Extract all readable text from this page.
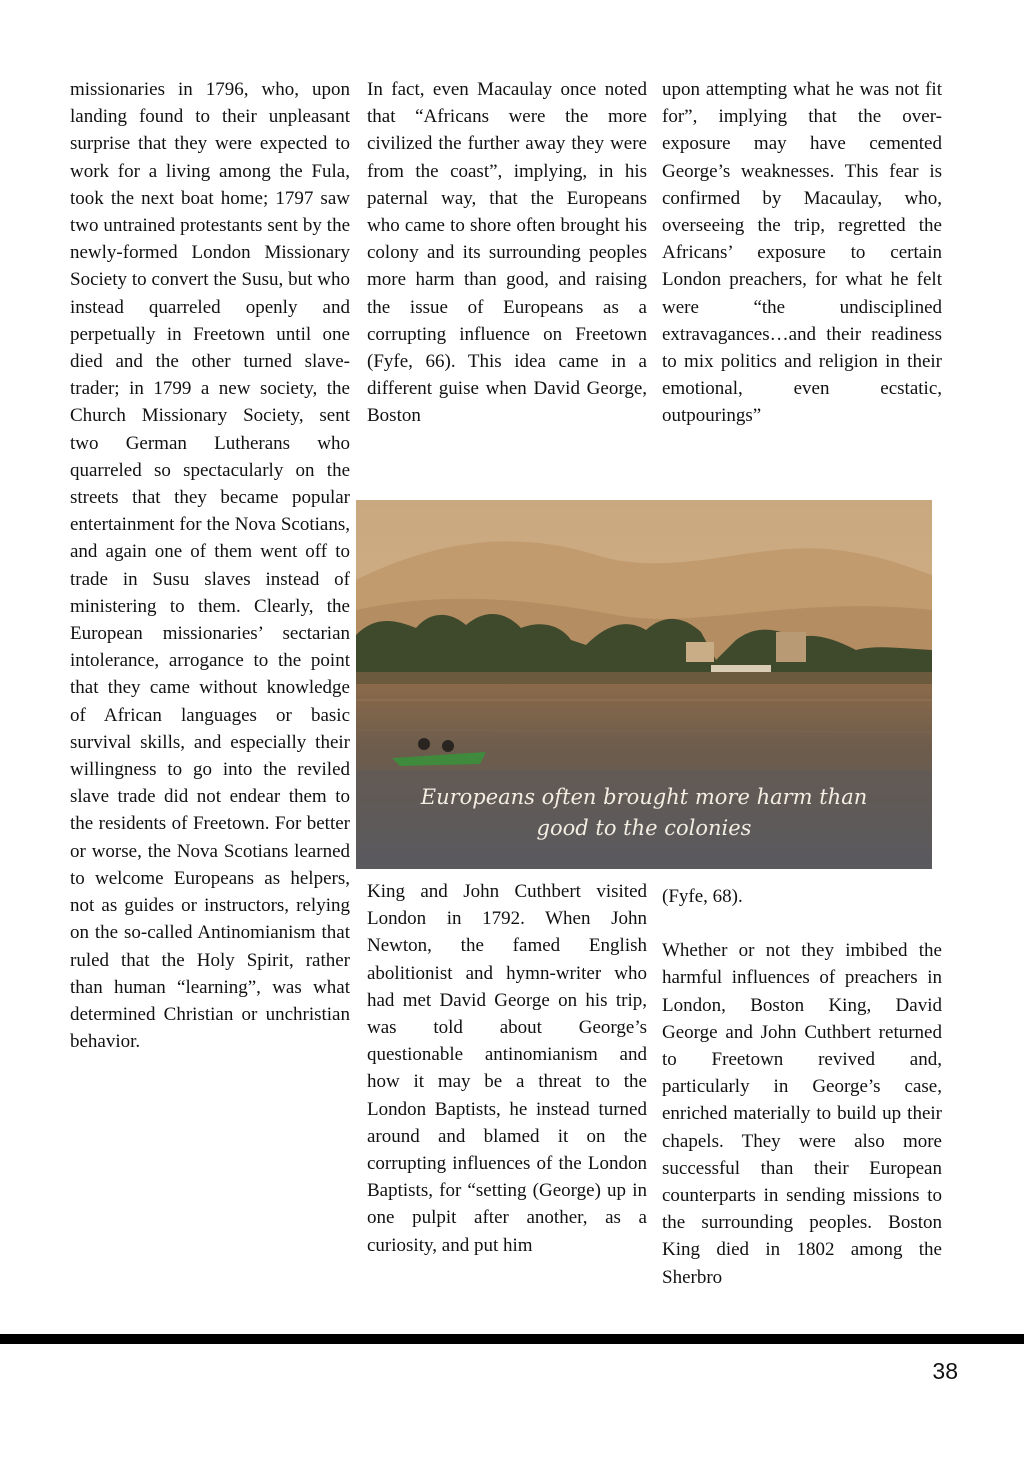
missionaries in 1796, who, upon landing found to their unpleasant surprise that they were expected to work for a living among the Fula, took the next boat home; 1797 saw two untrained protestants sent by the newly-formed London Missionary Society to convert the Susu, but who instead quarreled openly and perpetually in Freetown until one died and the other turned slave-trader; in 1799 a new society, the Church Missionary Society, sent two German Lutherans who quarreled so spectacularly on the streets that they became popular entertainment for the Nova Scotians, and again one of them went off to trade in Susu slaves instead of ministering to them. Clearly, the European missionaries’ sectarian intolerance, arrogance to the point that they came without knowledge of African languages or basic survival skills, and especially their willingness to go into the reviled slave trade did not endear them to the residents of Freetown. For better or worse, the Nova Scotians learned to welcome Europeans as helpers, not as guides or instructors, relying on the so-called Antinomianism that ruled that the Holy Spirit, rather than human “learning”, was what determined Christian or unchristian behavior.

In fact, even Macaulay once noted that “Africans were the more civilized the further away they were from the coast”, implying, in his paternal way, that the Europeans who came to shore often brought his colony and its surrounding peoples more harm than good, and raising the issue of Europeans as a corrupting influence on Freetown (Fyfe, 66). This idea came in a different guise when David George, Boston

upon attempting what he was not fit for”, implying that the over-exposure may have cemented George’s weaknesses. This fear is confirmed by Macaulay, who, overseeing the trip, regretted the Africans’ exposure to certain London preachers, for what he felt were “the undisciplined extravagances…and their readiness to mix politics and religion in their emotional, even ecstatic, outpourings”

Europeans often brought more harm than good to the colonies

King and John Cuthbert visited London in 1792. When John Newton, the famed English abolitionist and hymn-writer who had met David George on his trip, was told about George’s questionable antinomianism and how it may be a threat to the London Baptists, he instead turned around and blamed it on the corrupting influences of the London Baptists, for “setting (George) up in one pulpit after another, as a curiosity, and put him

(Fyfe, 68).

Whether or not they imbibed the harmful influences of preachers in London, Boston King, David George and John Cuthbert returned to Freetown revived and, particularly in George’s case, enriched materially to build up their chapels. They were also more successful than their European counterparts in sending missions to the surrounding peoples. Boston King died in 1802 among the Sherbro

38
